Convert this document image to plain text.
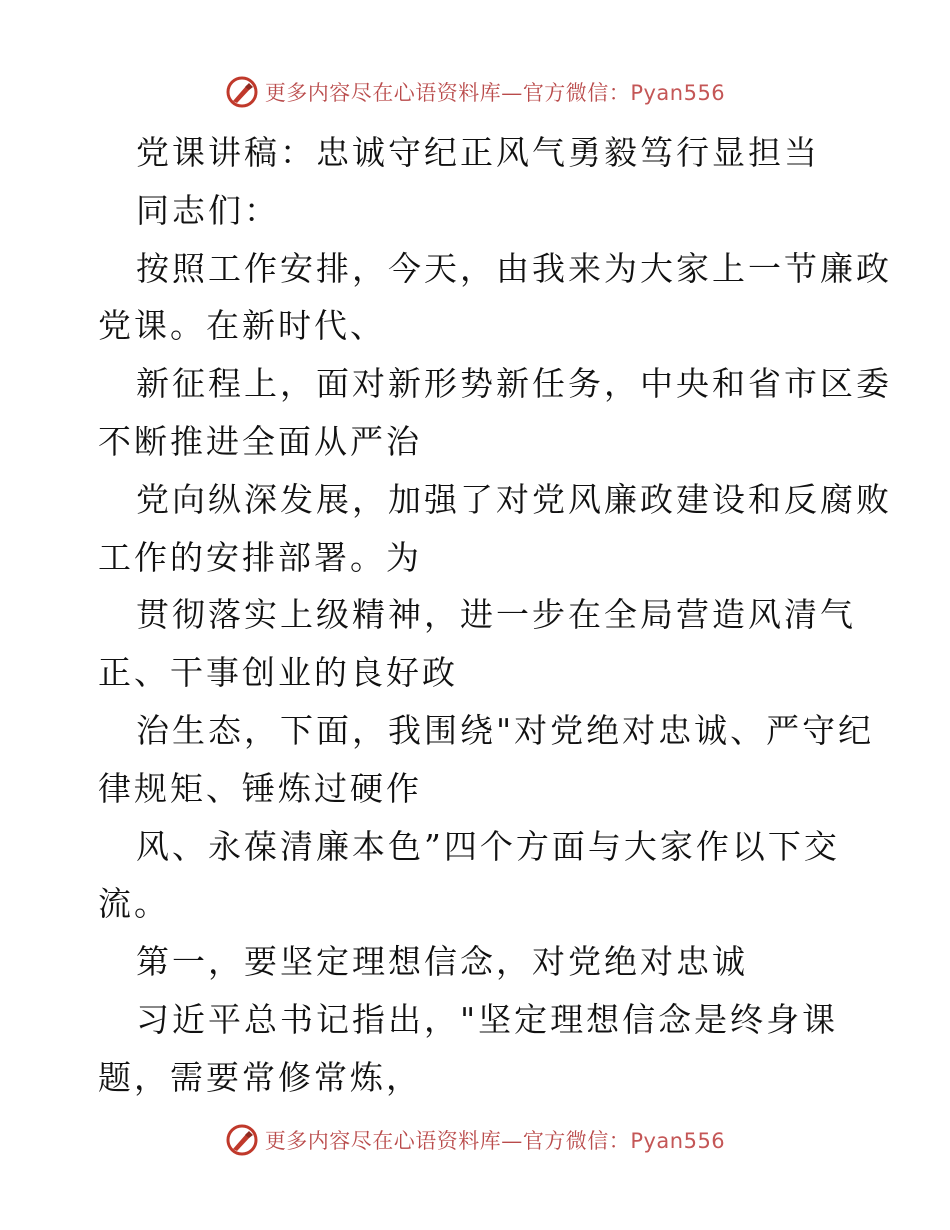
更多内容尽在心语资料库—官方微信：Pyan556
党课讲稿：忠诚守纪正风气勇毅笃行显担当
同志们：
按照工作安排，今天，由我来为大家上一节廉政
党课。在新时代、
新征程上，面对新形势新任务，中央和省市区委
不断推进全面从严治
党向纵深发展，加强了对党风廉政建设和反腐败
工作的安排部署。为
贯彻落实上级精神，进一步在全局营造风清气
正、干事创业的良好政
治生态，下面，我围绕"对党绝对忠诚、严守纪
律规矩、锤炼过硬作
风、永葆清廉本色”四个方面与大家作以下交
流。
第一，要坚定理想信念，对党绝对忠诚
习近平总书记指出，"坚定理想信念是终身课
题，需要常修常炼，
更多内容尽在心语资料库—官方微信：Pyan556
